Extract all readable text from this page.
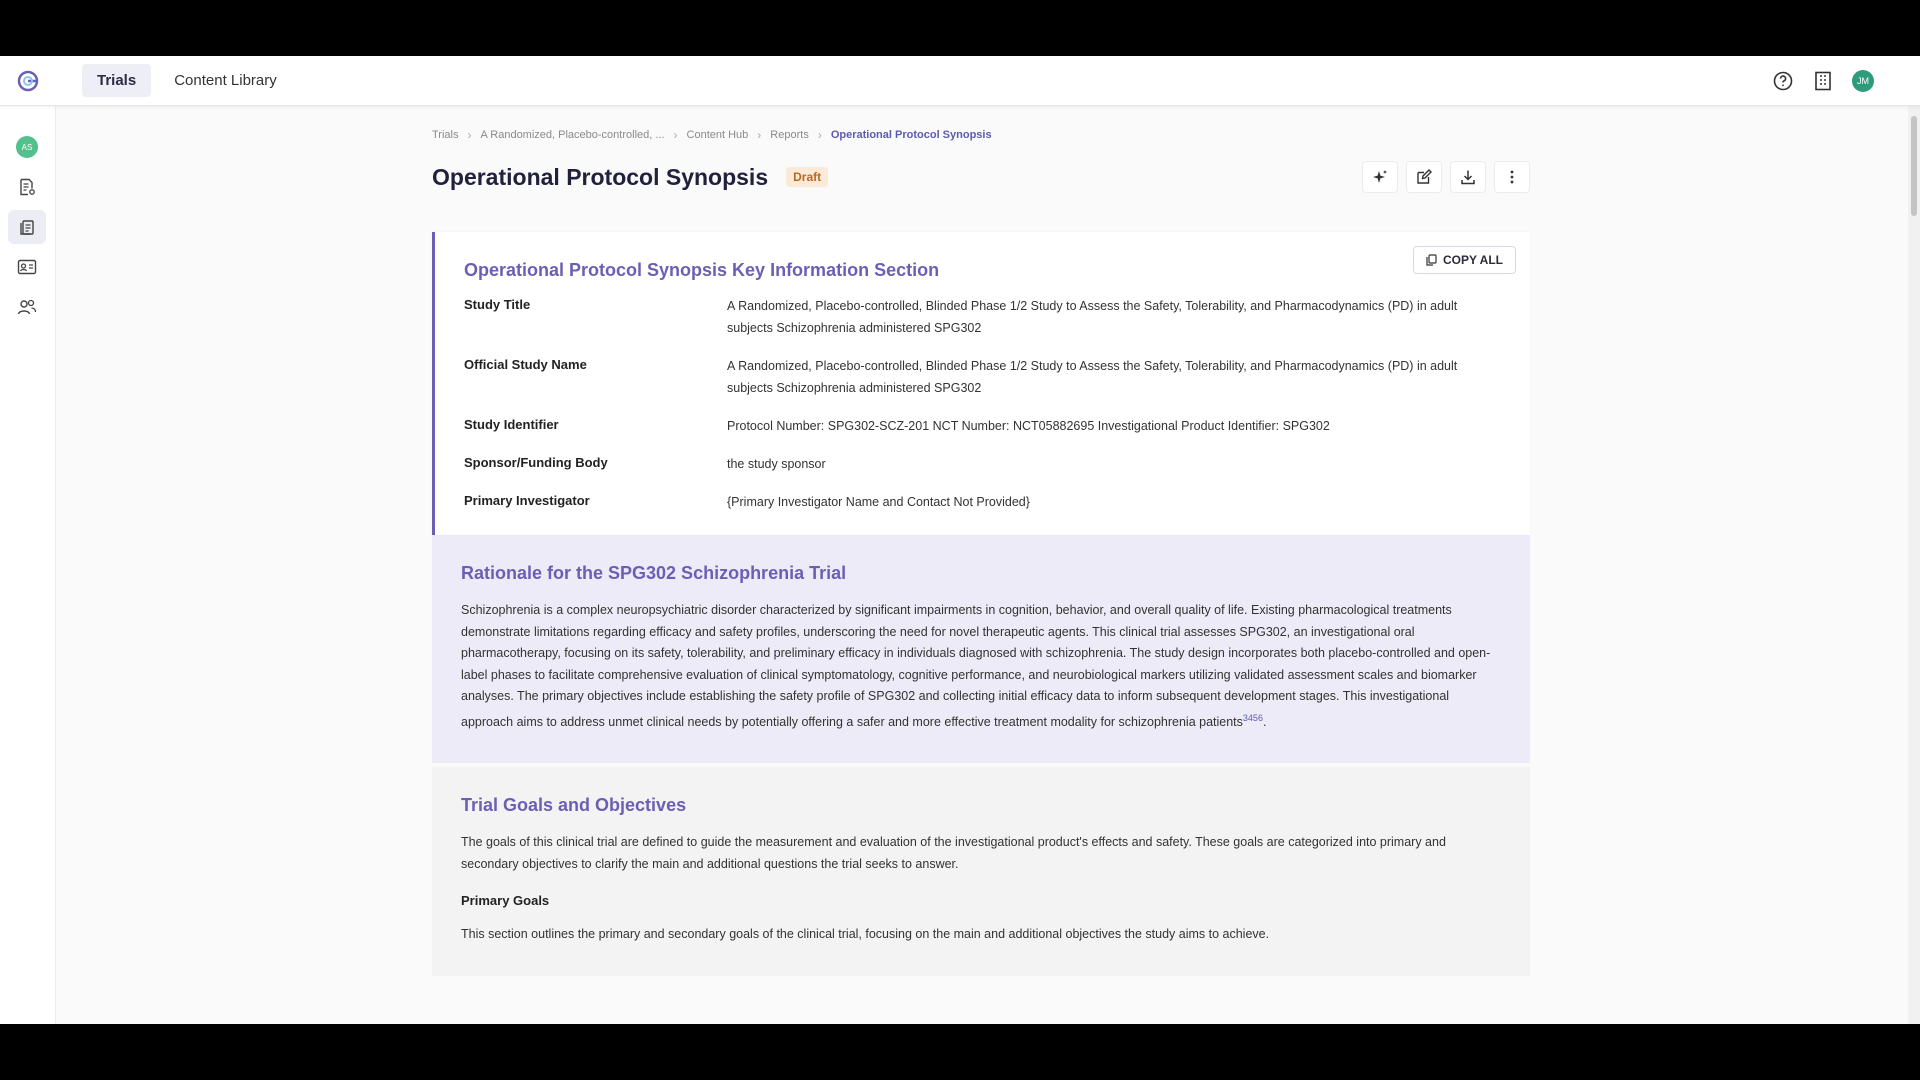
Trials	Content Library	JM
AS
Trials › A Randomized, Placebo-controlled, ... › Content Hub › Reports › Operational Protocol Synopsis
Operational Protocol Synopsis	Draft
COPY ALL
Operational Protocol Synopsis Key Information Section
Study Title	A Randomized, Placebo-controlled, Blinded Phase 1/2 Study to Assess the Safety, Tolerability, and Pharmacodynamics (PD) in adult subjects Schizophrenia administered SPG302
Official Study Name	A Randomized, Placebo-controlled, Blinded Phase 1/2 Study to Assess the Safety, Tolerability, and Pharmacodynamics (PD) in adult subjects Schizophrenia administered SPG302
Study Identifier	Protocol Number: SPG302-SCZ-201 NCT Number: NCT05882695 Investigational Product Identifier: SPG302
Sponsor/Funding Body	the study sponsor
Primary Investigator	{Primary Investigator Name and Contact Not Provided}
Rationale for the SPG302 Schizophrenia Trial

Schizophrenia is a complex neuropsychiatric disorder characterized by significant impairments in cognition, behavior, and overall quality of life. Existing pharmacological treatments demonstrate limitations regarding efficacy and safety profiles, underscoring the need for novel therapeutic agents. This clinical trial assesses SPG302, an investigational oral pharmacotherapy, focusing on its safety, tolerability, and preliminary efficacy in individuals diagnosed with schizophrenia. The study design incorporates both placebo-controlled and open-label phases to facilitate comprehensive evaluation of clinical symptomatology, cognitive performance, and neurobiological markers utilizing validated assessment scales and biomarker analyses. The primary objectives include establishing the safety profile of SPG302 and collecting initial efficacy data to inform subsequent development stages. This investigational approach aims to address unmet clinical needs by potentially offering a safer and more effective treatment modality for schizophrenia patients$^{3456}$.

Trial Goals and Objectives

The goals of this clinical trial are defined to guide the measurement and evaluation of the investigational product's effects and safety. These goals are categorized into primary and secondary objectives to clarify the main and additional questions the trial seeks to answer.

Primary Goals

This section outlines the primary and secondary goals of the clinical trial, focusing on the main and additional objectives the study aims to achieve.
